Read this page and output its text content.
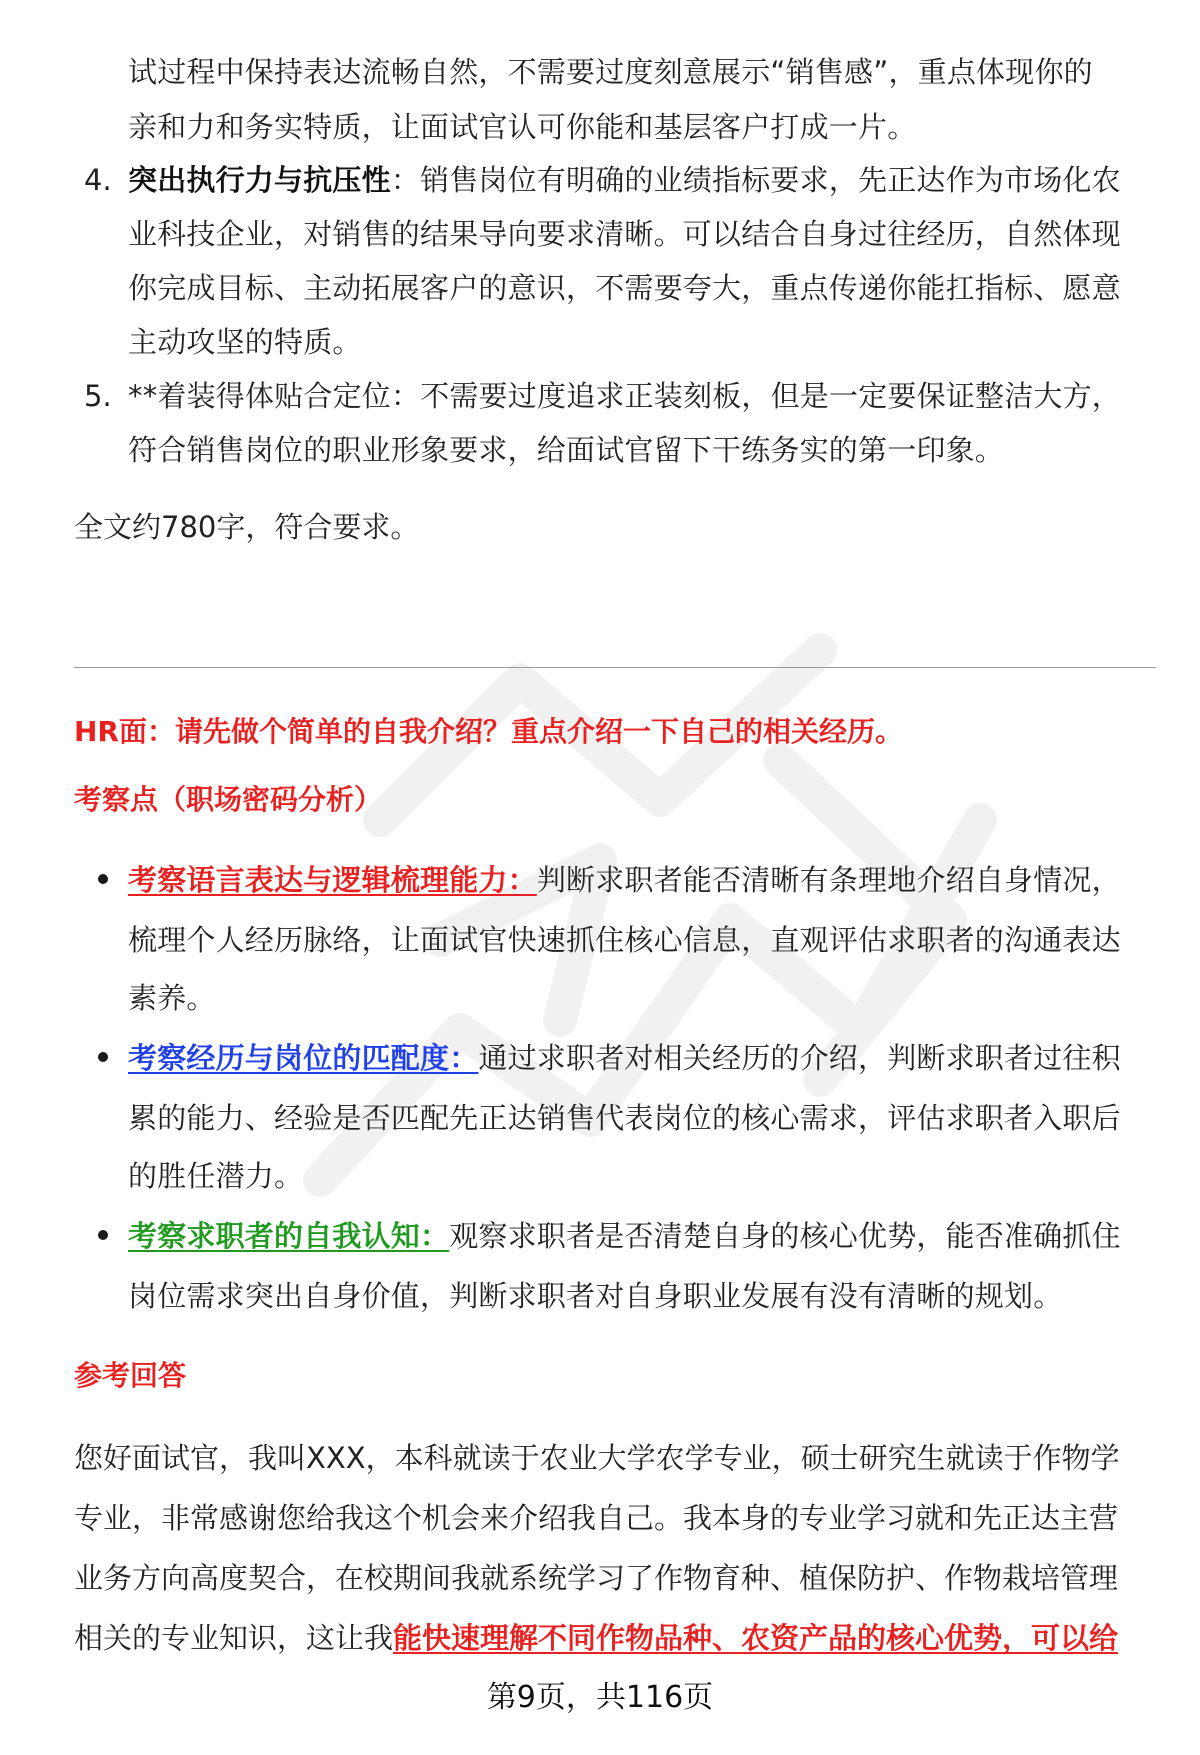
试过程中保持表达流畅自然，不需要过度刻意展示“销售感”，重点体现你的
亲和力和务实特质，让面试官认可你能和基层客户打成一片。
4. 突出执行力与抗压性：销售岗位有明确的业绩指标要求，先正达作为市场化农
业科技企业，对销售的结果导向要求清晰。可以结合自身过往经历，自然体现
你完成目标、主动拓展客户的意识，不需要夸大，重点传递你能扛指标、愿意
主动攻坚的特质。
5. **着装得体贴合定位：不需要过度追求正装刻板，但是一定要保证整洁大方，
符合销售岗位的职业形象要求，给面试官留下干练务实的第一印象。
全文约780字，符合要求。
HR面：请先做个简单的自我介绍？重点介绍一下自己的相关经历。
考察点（职场密码分析）
考察语言表达与逻辑梳理能力：判断求职者能否清晰有条理地介绍自身情况，
梳理个人经历脉络，让面试官快速抓住核心信息，直观评估求职者的沟通表达
素养。
考察经历与岗位的匹配度：通过求职者对相关经历的介绍，判断求职者过往积
累的能力、经验是否匹配先正达销售代表岗位的核心需求，评估求职者入职后
的胜任潜力。
考察求职者的自我认知：观察求职者是否清楚自身的核心优势，能否准确抓住
岗位需求突出自身价值，判断求职者对自身职业发展有没有清晰的规划。
参考回答
您好面试官，我叫XXX，本科就读于农业大学农学专业，硕士研究生就读于作物学
专业，非常感谢您给我这个机会来介绍我自己。我本身的专业学习就和先正达主营
业务方向高度契合，在校期间我就系统学习了作物育种、植保防护、作物栽培管理
相关的专业知识，这让我能快速理解不同作物品种、农资产品的核心优势，可以给
第9页，共116页
